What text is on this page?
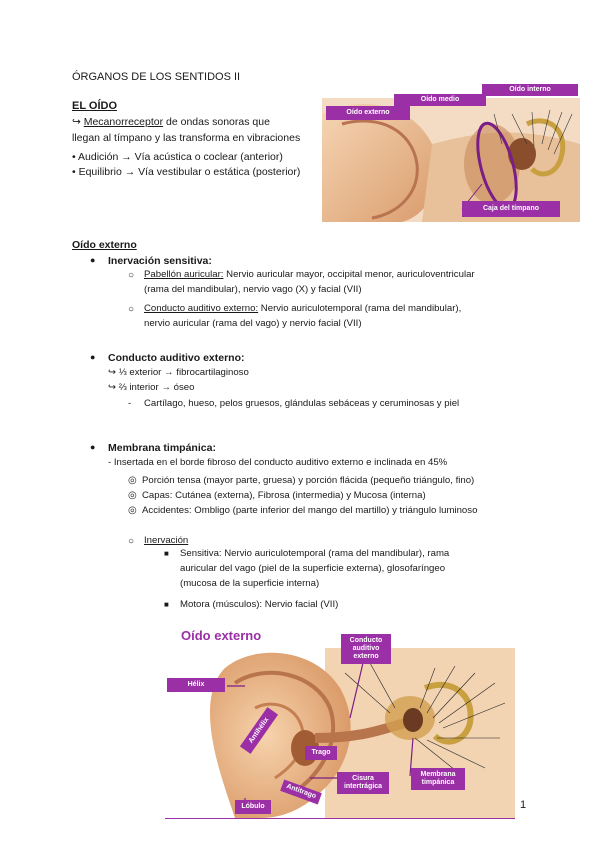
ÓRGANOS DE LOS SENTIDOS II
EL OÍDO
↪ Mecanorreceptor de ondas sonoras que
llegan al tímpano y las transforma en vibraciones
• Audición → Vía acústica o coclear (anterior)
• Equilibrio → Vía vestibular o estática (posterior)
Oído externo
Oído medio
Oído interno
Caja del tímpano
Oído externo
● Inervación sensitiva:
○ Pabellón auricular: Nervio auricular mayor, occipital menor, auriculoventricular
(rama del mandibular), nervio vago (X) y facial (VII)
○ Conducto auditivo externo: Nervio auriculotemporal (rama del mandibular),
nervio auricular (rama del vago) y nervio facial (VII)
● Conducto auditivo externo:
↪ ⅓ exterior → fibrocartilaginoso
↪ ⅔ interior → óseo
- Cartílago, hueso, pelos gruesos, glándulas sebáceas y ceruminosas y piel
● Membrana timpánica:
- Insertada en el borde fibroso del conducto auditivo externo e inclinada en 45%
◎ Porción tensa (mayor parte, gruesa) y porción flácida (pequeño triángulo, fino)
◎ Capas: Cutánea (externa), Fibrosa (intermedia) y Mucosa (interna)
◎ Accidentes: Ombligo (parte inferior del mango del martillo) y triángulo luminoso
○ Inervación
■ Sensitiva: Nervio auriculotemporal (rama del mandibular), rama
auricular del vago (piel de la superficie externa), glosofaríngeo
(mucosa de la superficie interna)
■ Motora (músculos): Nervio facial (VII)
Oído externo	Conducto auditivo externo
Hélix
Antihélix
Trago
Cisura intertrágica
Membrana timpánica
Antitrago
Lóbulo	1
